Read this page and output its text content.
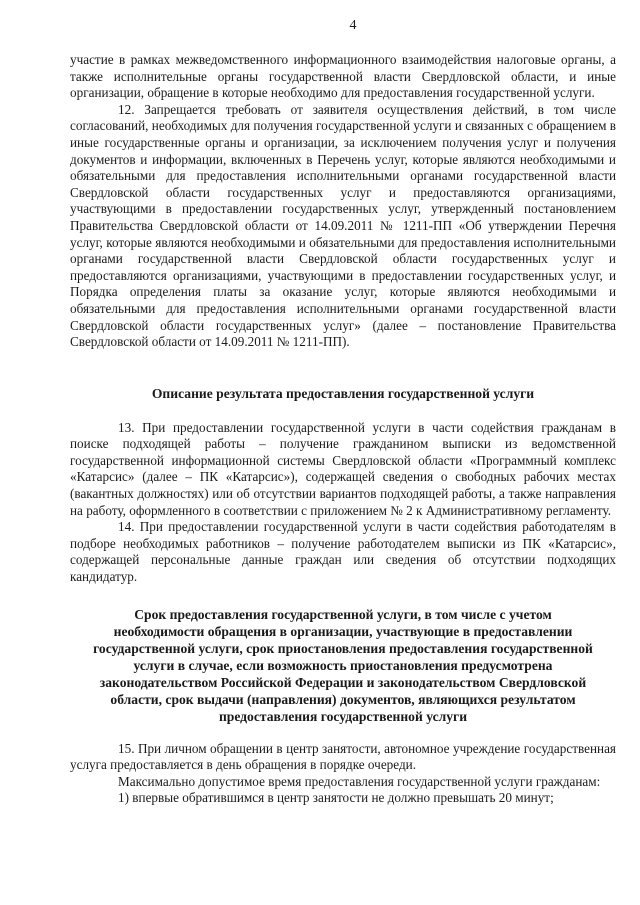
4

участие в рамках межведомственного информационного взаимодействия налоговые органы, а также исполнительные органы государственной власти Свердловской области, и иные организации, обращение в которые необходимо для предоставления государственной услуги.

12. Запрещается требовать от заявителя осуществления действий, в том числе согласований, необходимых для получения государственной услуги и связанных с обращением в иные государственные органы и организации, за исключением получения услуг и получения документов и информации, включенных в Перечень услуг, которые являются необходимыми и обязательными для предоставления исполнительными органами государственной власти Свердловской области государственных услуг и предоставляются организациями, участвующими в предоставлении государственных услуг, утвержденный постановлением Правительства Свердловской области от 14.09.2011 № 1211-ПП «Об утверждении Перечня услуг, которые являются необходимыми и обязательными для предоставления исполнительными органами государственной власти Свердловской области государственных услуг и предоставляются организациями, участвующими в предоставлении государственных услуг, и Порядка определения платы за оказание услуг, которые являются необходимыми и обязательными для предоставления исполнительными органами государственной власти Свердловской области государственных услуг» (далее – постановление Правительства Свердловской области от 14.09.2011 № 1211-ПП).

Описание результата предоставления государственной услуги

13. При предоставлении государственной услуги в части содействия гражданам в поиске подходящей работы – получение гражданином выписки из ведомственной государственной информационной системы Свердловской области «Программный комплекс «Катарсис» (далее – ПК «Катарсис»), содержащей сведения о свободных рабочих местах (вакантных должностях) или об отсутствии вариантов подходящей работы, а также направления на работу, оформленного в соответствии с приложением № 2 к Административному регламенту.

14. При предоставлении государственной услуги в части содействия работодателям в подборе необходимых работников – получение работодателем выписки из ПК «Катарсис», содержащей персональные данные граждан или сведения об отсутствии подходящих кандидатур.

Срок предоставления государственной услуги, в том числе с учетом необходимости обращения в организации, участвующие в предоставлении государственной услуги, срок приостановления предоставления государственной услуги в случае, если возможность приостановления предусмотрена законодательством Российской Федерации и законодательством Свердловской области, срок выдачи (направления) документов, являющихся результатом предоставления государственной услуги

15. При личном обращении в центр занятости, автономное учреждение государственная услуга предоставляется в день обращения в порядке очереди.

Максимально допустимое время предоставления государственной услуги гражданам:

1) впервые обратившимся в центр занятости не должно превышать 20 минут;
